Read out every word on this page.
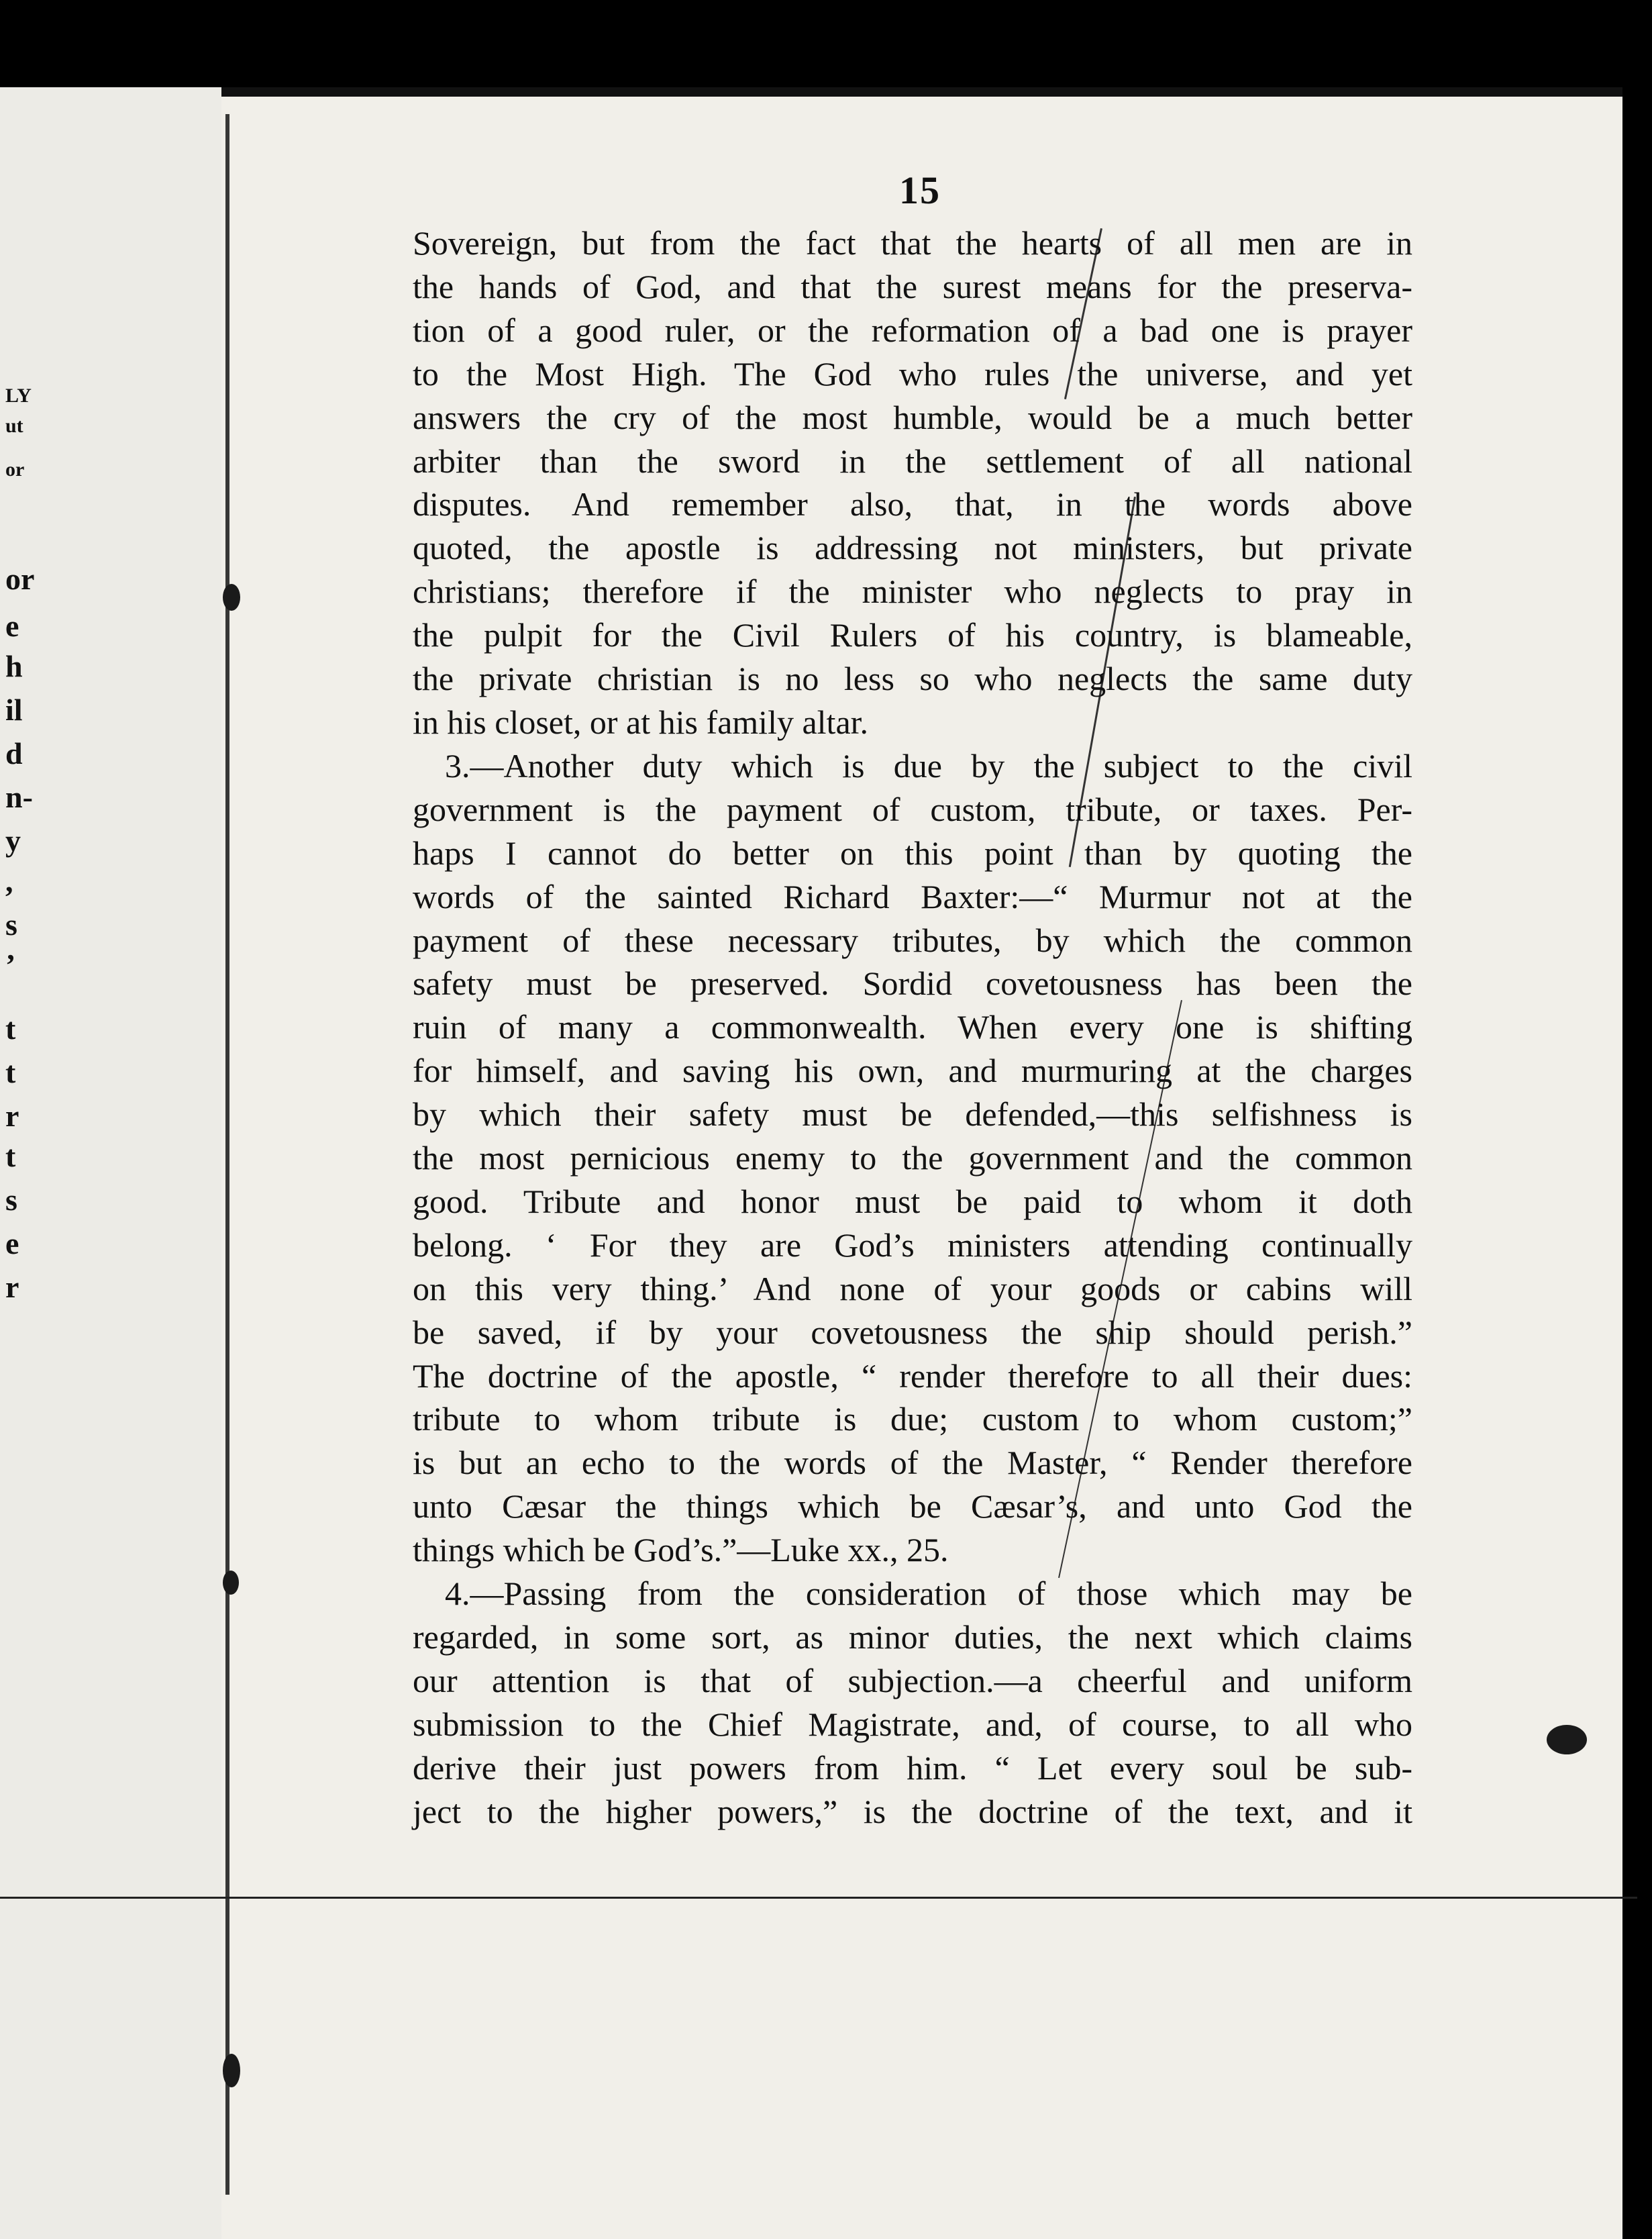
LY
ut
or
or
e
h
il
d
n-
y
,
s
’
t
t
r
t
s
e
r
15
Sovereign, but from the fact that the hearts of all men are in
the hands of God, and that the surest means for the preserva-
tion of a good ruler, or the reformation of a bad one is prayer
to the Most High. The God who rules the universe, and yet
answers the cry of the most humble, would be a much better
arbiter than the sword in the settlement of all national
disputes. And remember also, that, in the words above
quoted, the apostle is addressing not ministers, but private
christians; therefore if the minister who neglects to pray in
the pulpit for the Civil Rulers of his country, is blameable,
the private christian is no less so who neglects the same duty
in his closet, or at his family altar.
3.—Another duty which is due by the subject to the civil
government is the payment of custom, tribute, or taxes. Per-
haps I cannot do better on this point than by quoting the
words of the sainted Richard Baxter:—“ Murmur not at the
payment of these necessary tributes, by which the common
safety must be preserved. Sordid covetousness has been the
ruin of many a commonwealth. When every one is shifting
for himself, and saving his own, and murmuring at the charges
by which their safety must be defended,—this selfishness is
the most pernicious enemy to the government and the common
good. Tribute and honor must be paid to whom it doth
belong. ‘ For they are God’s ministers attending continually
on this very thing.’ And none of your goods or cabins will
be saved, if by your covetousness the ship should perish.”
The doctrine of the apostle, “ render therefore to all their dues:
tribute to whom tribute is due; custom to whom custom;”
is but an echo to the words of the Master, “ Render therefore
unto Cæsar the things which be Cæsar’s, and unto God the
things which be God’s.”—Luke xx., 25.
4.—Passing from the consideration of those which may be
regarded, in some sort, as minor duties, the next which claims
our attention is that of subjection.—a cheerful and uniform
submission to the Chief Magistrate, and, of course, to all who
derive their just powers from him. “ Let every soul be sub-
ject to the higher powers,” is the doctrine of the text, and it
